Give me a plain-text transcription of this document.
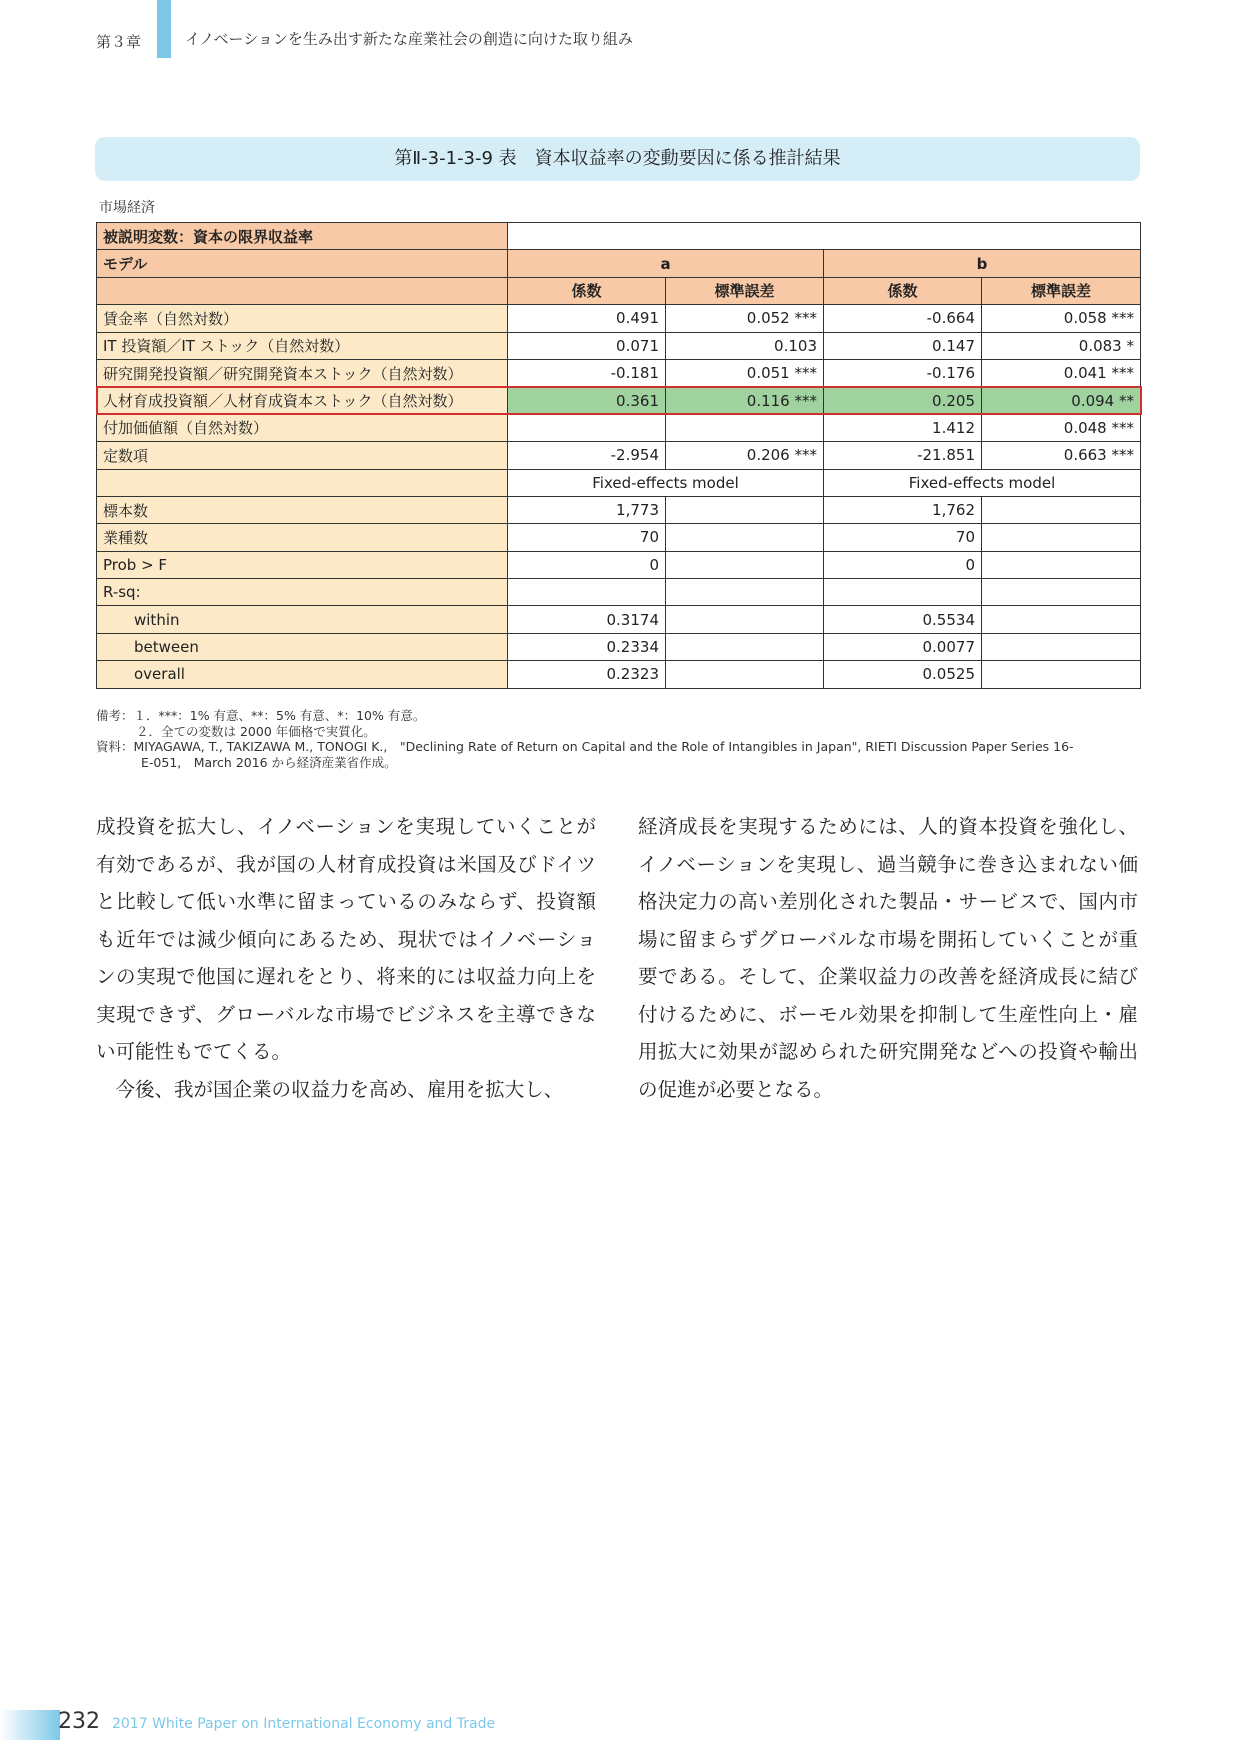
第３章	イノベーションを生み出す新たな産業社会の創造に向けた取り組み
第Ⅱ-3-1-3-9 表　資本収益率の変動要因に係る推計結果
市場経済
被説明変数：資本の限界収益率				
モデル	a		b	
	係数	標準誤差	係数	標準誤差
賃金率（自然対数）	0.491	0.052 ***	-0.664	0.058 ***
IT 投資額／IT ストック（自然対数）	0.071	0.103	0.147	0.083 *
研究開発投資額／研究開発資本ストック（自然対数）	-0.181	0.051 ***	-0.176	0.041 ***
人材育成投資額／人材育成資本ストック（自然対数）	0.361	0.116 ***	0.205	0.094 **
付加価値額（自然対数）			1.412	0.048 ***
定数項	-2.954	0.206 ***	-21.851	0.663 ***
	Fixed-effects model		Fixed-effects model	
標本数	1,773		1,762	
業種数	70		70	
Prob > F	0		0	
R-sq:				
within	0.3174		0.5534	
between	0.2334		0.0077	
overall	0.2323		0.0525	
備考：１．***：1% 有意、**：5% 有意、*：10% 有意。
２．全ての変数は 2000 年価格で実質化。
資料：MIYAGAWA, T., TAKIZAWA M., TONOGI K.,　"Declining Rate of Return on Capital and the Role of Intangibles in Japan", RIETI Discussion Paper Series 16-
E-051,　March 2016 から経済産業省作成。

成投資を拡大し、イノベーションを実現していくことが有効であるが、我が国の人材育成投資は米国及びドイツと比較して低い水準に留まっているのみならず、投資額も近年では減少傾向にあるため、現状ではイノベーションの実現で他国に遅れをとり、将来的には収益力向上を実現できず、グローバルな市場でビジネスを主導できない可能性もでてくる。

　今後、我が国企業の収益力を高め、雇用を拡大し、

経済成長を実現するためには、人的資本投資を強化し、イノベーションを実現し、過当競争に巻き込まれない価格決定力の高い差別化された製品・サービスで、国内市場に留まらずグローバルな市場を開拓していくことが重要である。そして、企業収益力の改善を経済成長に結び付けるために、ボーモル効果を抑制して生産性向上・雇用拡大に効果が認められた研究開発などへの投資や輸出の促進が必要となる。

232 2017 White Paper on International Economy and Trade
